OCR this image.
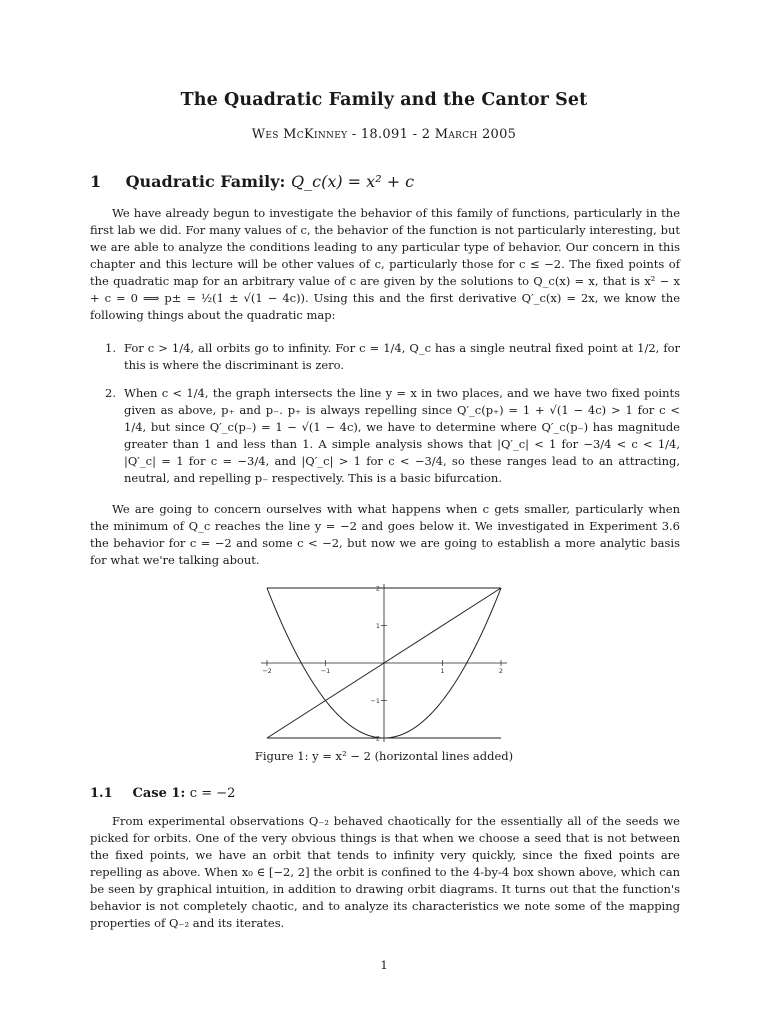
The Quadratic Family and the Cantor Set
Wes McKinney - 18.091 - 2 March 2005
1 Quadratic Family: Q_c(x) = x² + c

We have already begun to investigate the behavior of this family of functions, particularly in the first lab we did. For many values of c, the behavior of the function is not particularly interesting, but we are able to analyze the conditions leading to any particular type of behavior. Our concern in this chapter and this lecture will be other values of c, particularly those for c ≤ −2. The fixed points of the quadratic map for an arbitrary value of c are given by the solutions to Q_c(x) = x, that is x² − x + c = 0 ⟹ p± = ½(1 ± √(1 − 4c)). Using this and the first derivative Q′_c(x) = 2x, we know the following things about the quadratic map:

1. For c > 1/4, all orbits go to infinity. For c = 1/4, Q_c has a single neutral fixed point at 1/2, for this is where the discriminant is zero.
2. When c < 1/4, the graph intersects the line y = x in two places, and we have two fixed points given as above, p₊ and p₋. p₊ is always repelling since Q′_c(p₊) = 1 + √(1 − 4c) > 1 for c < 1/4, but since Q′_c(p₋) = 1 − √(1 − 4c), we have to determine where Q′_c(p₋) has magnitude greater than 1 and less than 1. A simple analysis shows that |Q′_c| < 1 for −3/4 < c < 1/4, |Q′_c| = 1 for c = −3/4, and |Q′_c| > 1 for c < −3/4, so these ranges lead to an attracting, neutral, and repelling p₋ respectively. This is a basic bifurcation.

We are going to concern ourselves with what happens when c gets smaller, particularly when the minimum of Q_c reaches the line y = −2 and goes below it. We investigated in Experiment 3.6 the behavior for c = −2 and some c < −2, but now we are going to establish a more analytic basis for what we're talking about.

−2	−1	1	2
2
1
−1
−2
Figure 1: y = x² − 2 (horizontal lines added)
1.1 Case 1: c = −2

From experimental observations Q₋₂ behaved chaotically for the essentially all of the seeds we picked for orbits. One of the very obvious things is that when we choose a seed that is not between the fixed points, we have an orbit that tends to infinity very quickly, since the fixed points are repelling as above. When x₀ ∈ [−2, 2] the orbit is confined to the 4-by-4 box shown above, which can be seen by graphical intuition, in addition to drawing orbit diagrams. It turns out that the function's behavior is not completely chaotic, and to analyze its characteristics we note some of the mapping properties of Q₋₂ and its iterates.

1
